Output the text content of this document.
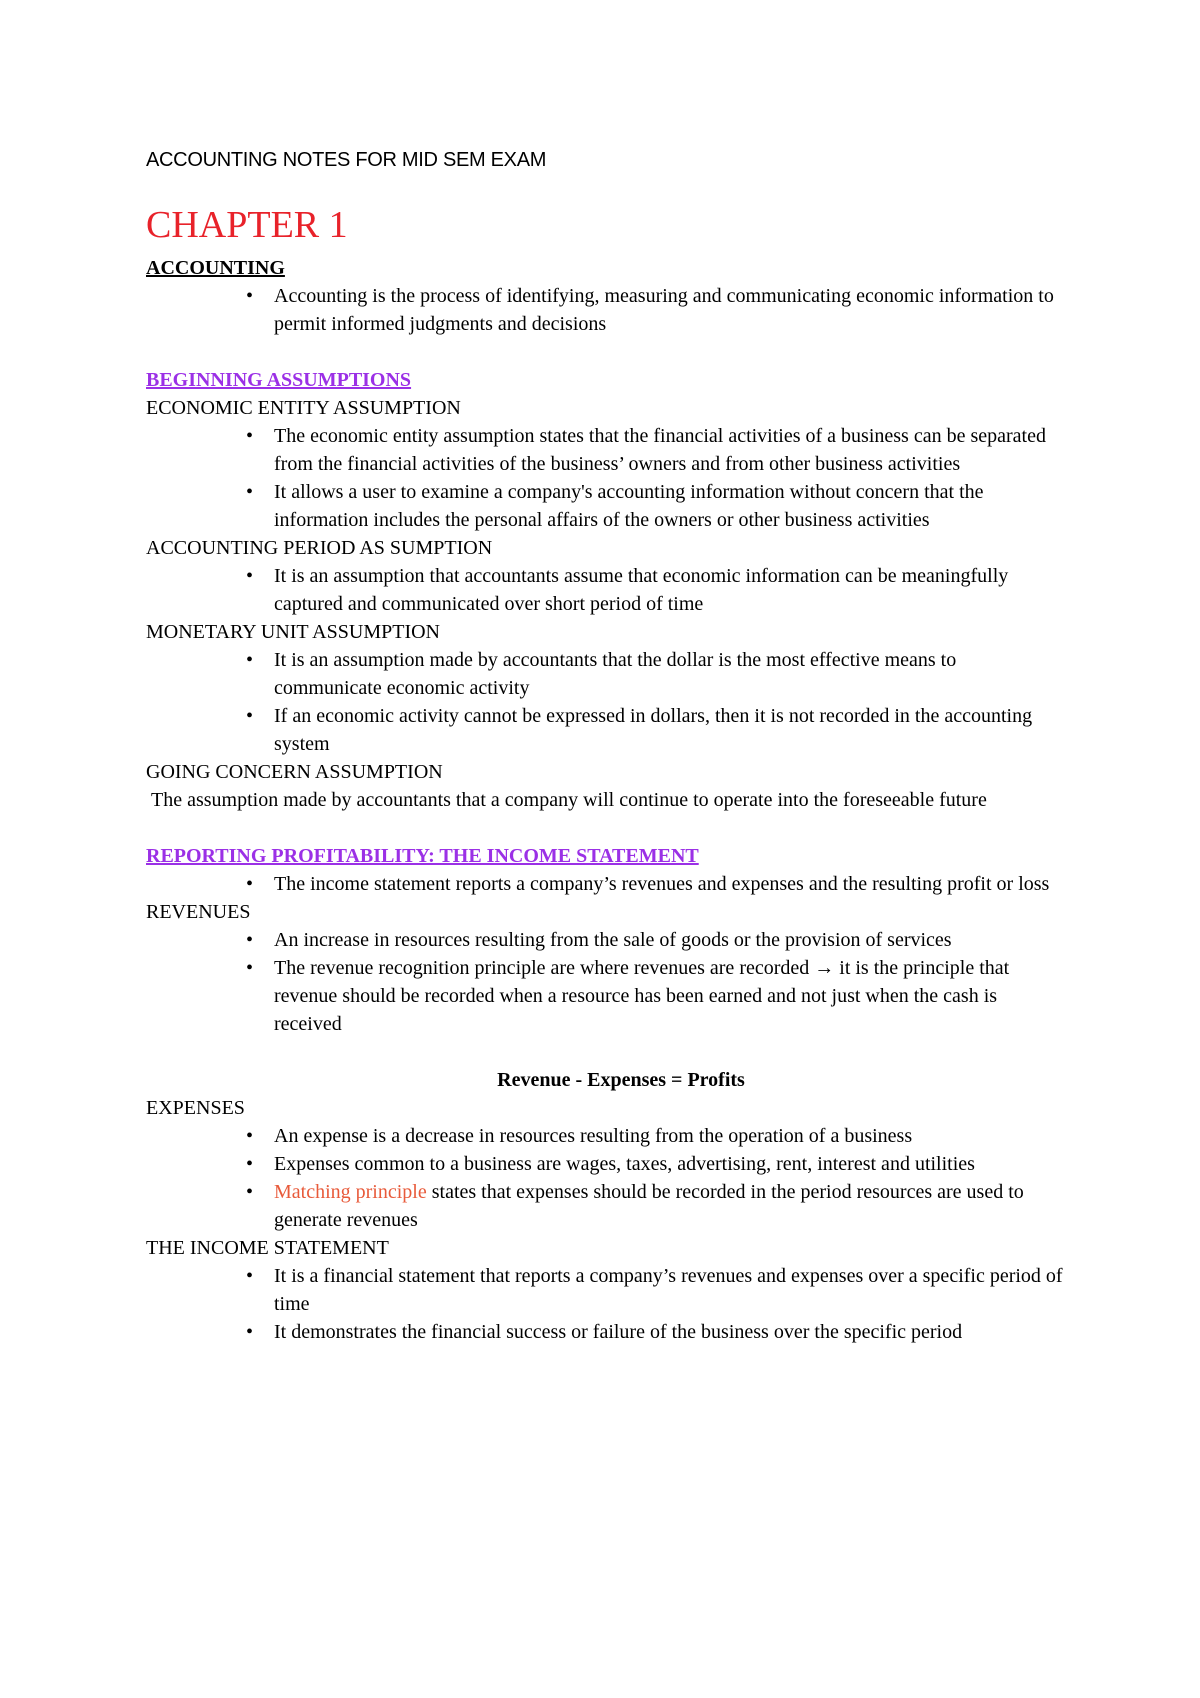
ACCOUNTING NOTES FOR MID SEM EXAM
CHAPTER 1
ACCOUNTING
• Accounting is the process of identifying, measuring and communicating economic information to permit informed judgments and decisions
BEGINNING ASSUMPTIONS
ECONOMIC ENTITY ASSUMPTION
• The economic entity assumption states that the financial activities of a business can be separated from the financial activities of the business’ owners and from other business activities
• It allows a user to examine a company's accounting information without concern that the information includes the personal affairs of the owners or other business activities
ACCOUNTING PERIOD AS SUMPTION
• It is an assumption that accountants assume that economic information can be meaningfully captured and communicated over short period of time
MONETARY UNIT ASSUMPTION
• It is an assumption made by accountants that the dollar is the most effective means to communicate economic activity
• If an economic activity cannot be expressed in dollars, then it is not recorded in the accounting system
GOING CONCERN ASSUMPTION
The assumption made by accountants that a company will continue to operate into the foreseeable future
REPORTING PROFITABILITY: THE INCOME STATEMENT
• The income statement reports a company’s revenues and expenses and the resulting profit or loss
REVENUES
• An increase in resources resulting from the sale of goods or the provision of services
• The revenue recognition principle are where revenues are recorded → it is the principle that revenue should be recorded when a resource has been earned and not just when the cash is received
Revenue - Expenses = Profits
EXPENSES
• An expense is a decrease in resources resulting from the operation of a business
• Expenses common to a business are wages, taxes, advertising, rent, interest and utilities
• Matching principle states that expenses should be recorded in the period resources are used to generate revenues
THE INCOME STATEMENT
• It is a financial statement that reports a company’s revenues and expenses over a specific period of time
• It demonstrates the financial success or failure of the business over the specific period
